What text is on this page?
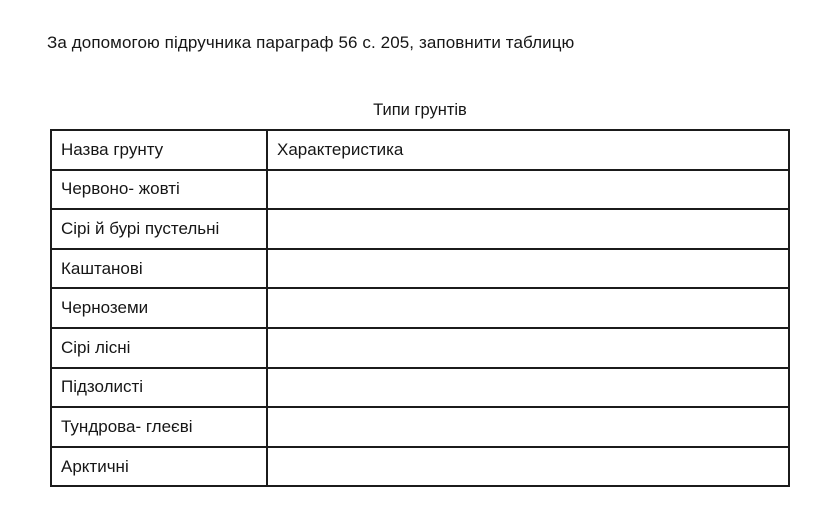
За допомогою підручника параграф 56 с. 205, заповнити таблицю
Типи грунтів
Назва грунту	Характеристика
Червоно- жовті	
Сірі й бурі пустельні	
Каштанові	
Черноземи	
Сірі лісні	
Підзолисті	
Тундрова- глеєві	
Арктичні	
